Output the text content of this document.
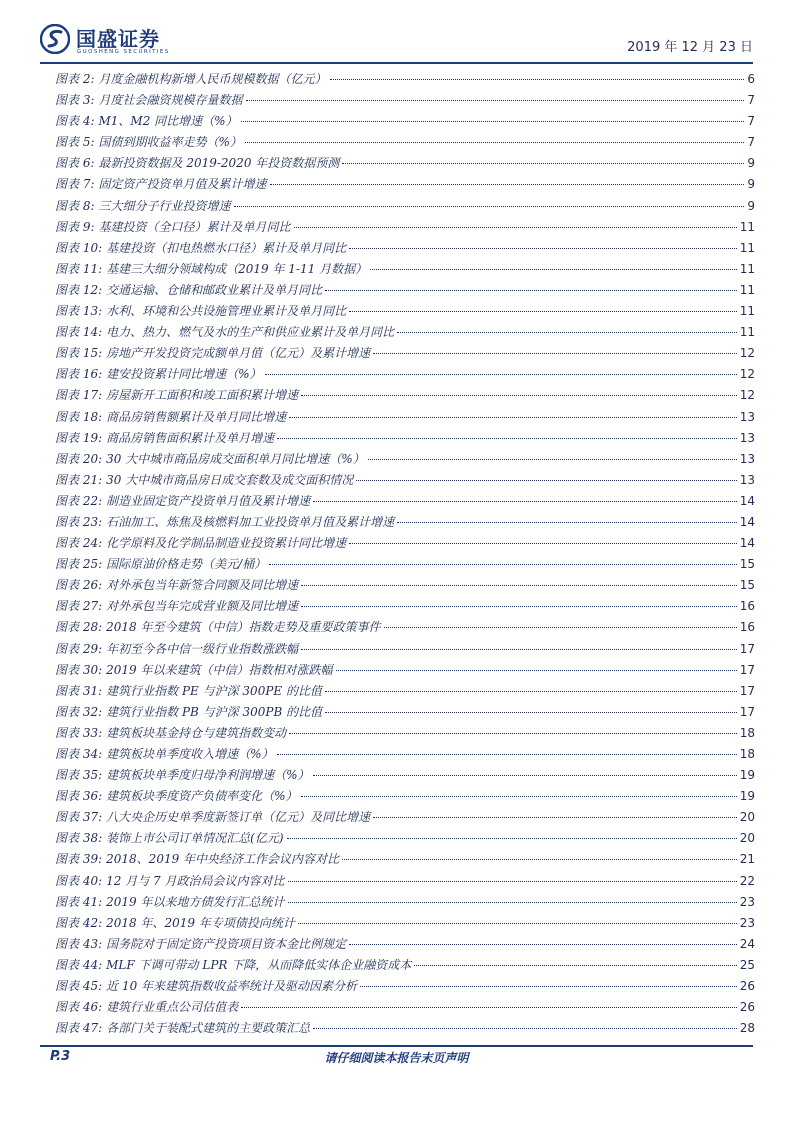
国盛证券
GUOSHENG SECURITIES	2019 年 12 月 23 日
图表 2: 月度金融机构新增人民币规模数据（亿元）	6
图表 3: 月度社会融资规模存量数据	7
图表 4: M1、M2 同比增速（%）	7
图表 5: 国债到期收益率走势（%）	7
图表 6: 最新投资数据及 2019-2020 年投资数据预测	9
图表 7: 固定资产投资单月值及累计增速	9
图表 8: 三大细分子行业投资增速	9
图表 9: 基建投资（全口径）累计及单月同比	11
图表 10: 基建投资（扣电热燃水口径）累计及单月同比	11
图表 11: 基建三大细分领域构成（2019 年 1-11 月数据）	11
图表 12: 交通运输、仓储和邮政业累计及单月同比	11
图表 13: 水利、环境和公共设施管理业累计及单月同比	11
图表 14: 电力、热力、燃气及水的生产和供应业累计及单月同比	11
图表 15: 房地产开发投资完成额单月值（亿元）及累计增速	12
图表 16: 建安投资累计同比增速（%）	12
图表 17: 房屋新开工面积和竣工面积累计增速	12
图表 18: 商品房销售额累计及单月同比增速	13
图表 19: 商品房销售面积累计及单月增速	13
图表 20: 30 大中城市商品房成交面积单月同比增速（%）	13
图表 21: 30 大中城市商品房日成交套数及成交面积情况	13
图表 22: 制造业固定资产投资单月值及累计增速	14
图表 23: 石油加工、炼焦及核燃料加工业投资单月值及累计增速	14
图表 24: 化学原料及化学制品制造业投资累计同比增速	14
图表 25: 国际原油价格走势（美元/桶）	15
图表 26: 对外承包当年新签合同额及同比增速	15
图表 27: 对外承包当年完成营业额及同比增速	16
图表 28: 2018 年至今建筑（中信）指数走势及重要政策事件	16
图表 29: 年初至今各中信一级行业指数涨跌幅	17
图表 30: 2019 年以来建筑（中信）指数相对涨跌幅	17
图表 31: 建筑行业指数 PE 与沪深 300PE 的比值	17
图表 32: 建筑行业指数 PB 与沪深 300PB 的比值	17
图表 33: 建筑板块基金持仓与建筑指数变动	18
图表 34: 建筑板块单季度收入增速（%）	18
图表 35: 建筑板块单季度归母净利润增速（%）	19
图表 36: 建筑板块季度资产负债率变化（%）	19
图表 37: 八大央企历史单季度新签订单（亿元）及同比增速	20
图表 38: 装饰上市公司订单情况汇总(亿元)	20
图表 39: 2018、2019 年中央经济工作会议内容对比	21
图表 40: 12 月与 7 月政治局会议内容对比	22
图表 41: 2019 年以来地方债发行汇总统计	23
图表 42: 2018 年、2019 年专项债投向统计	23
图表 43: 国务院对于固定资产投资项目资本金比例规定	24
图表 44: MLF 下调可带动 LPR 下降，从而降低实体企业融资成本	25
图表 45: 近 10 年来建筑指数收益率统计及驱动因素分析	26
图表 46: 建筑行业重点公司估值表	26
图表 47: 各部门关于装配式建筑的主要政策汇总	28
P.3	请仔细阅读本报告末页声明
